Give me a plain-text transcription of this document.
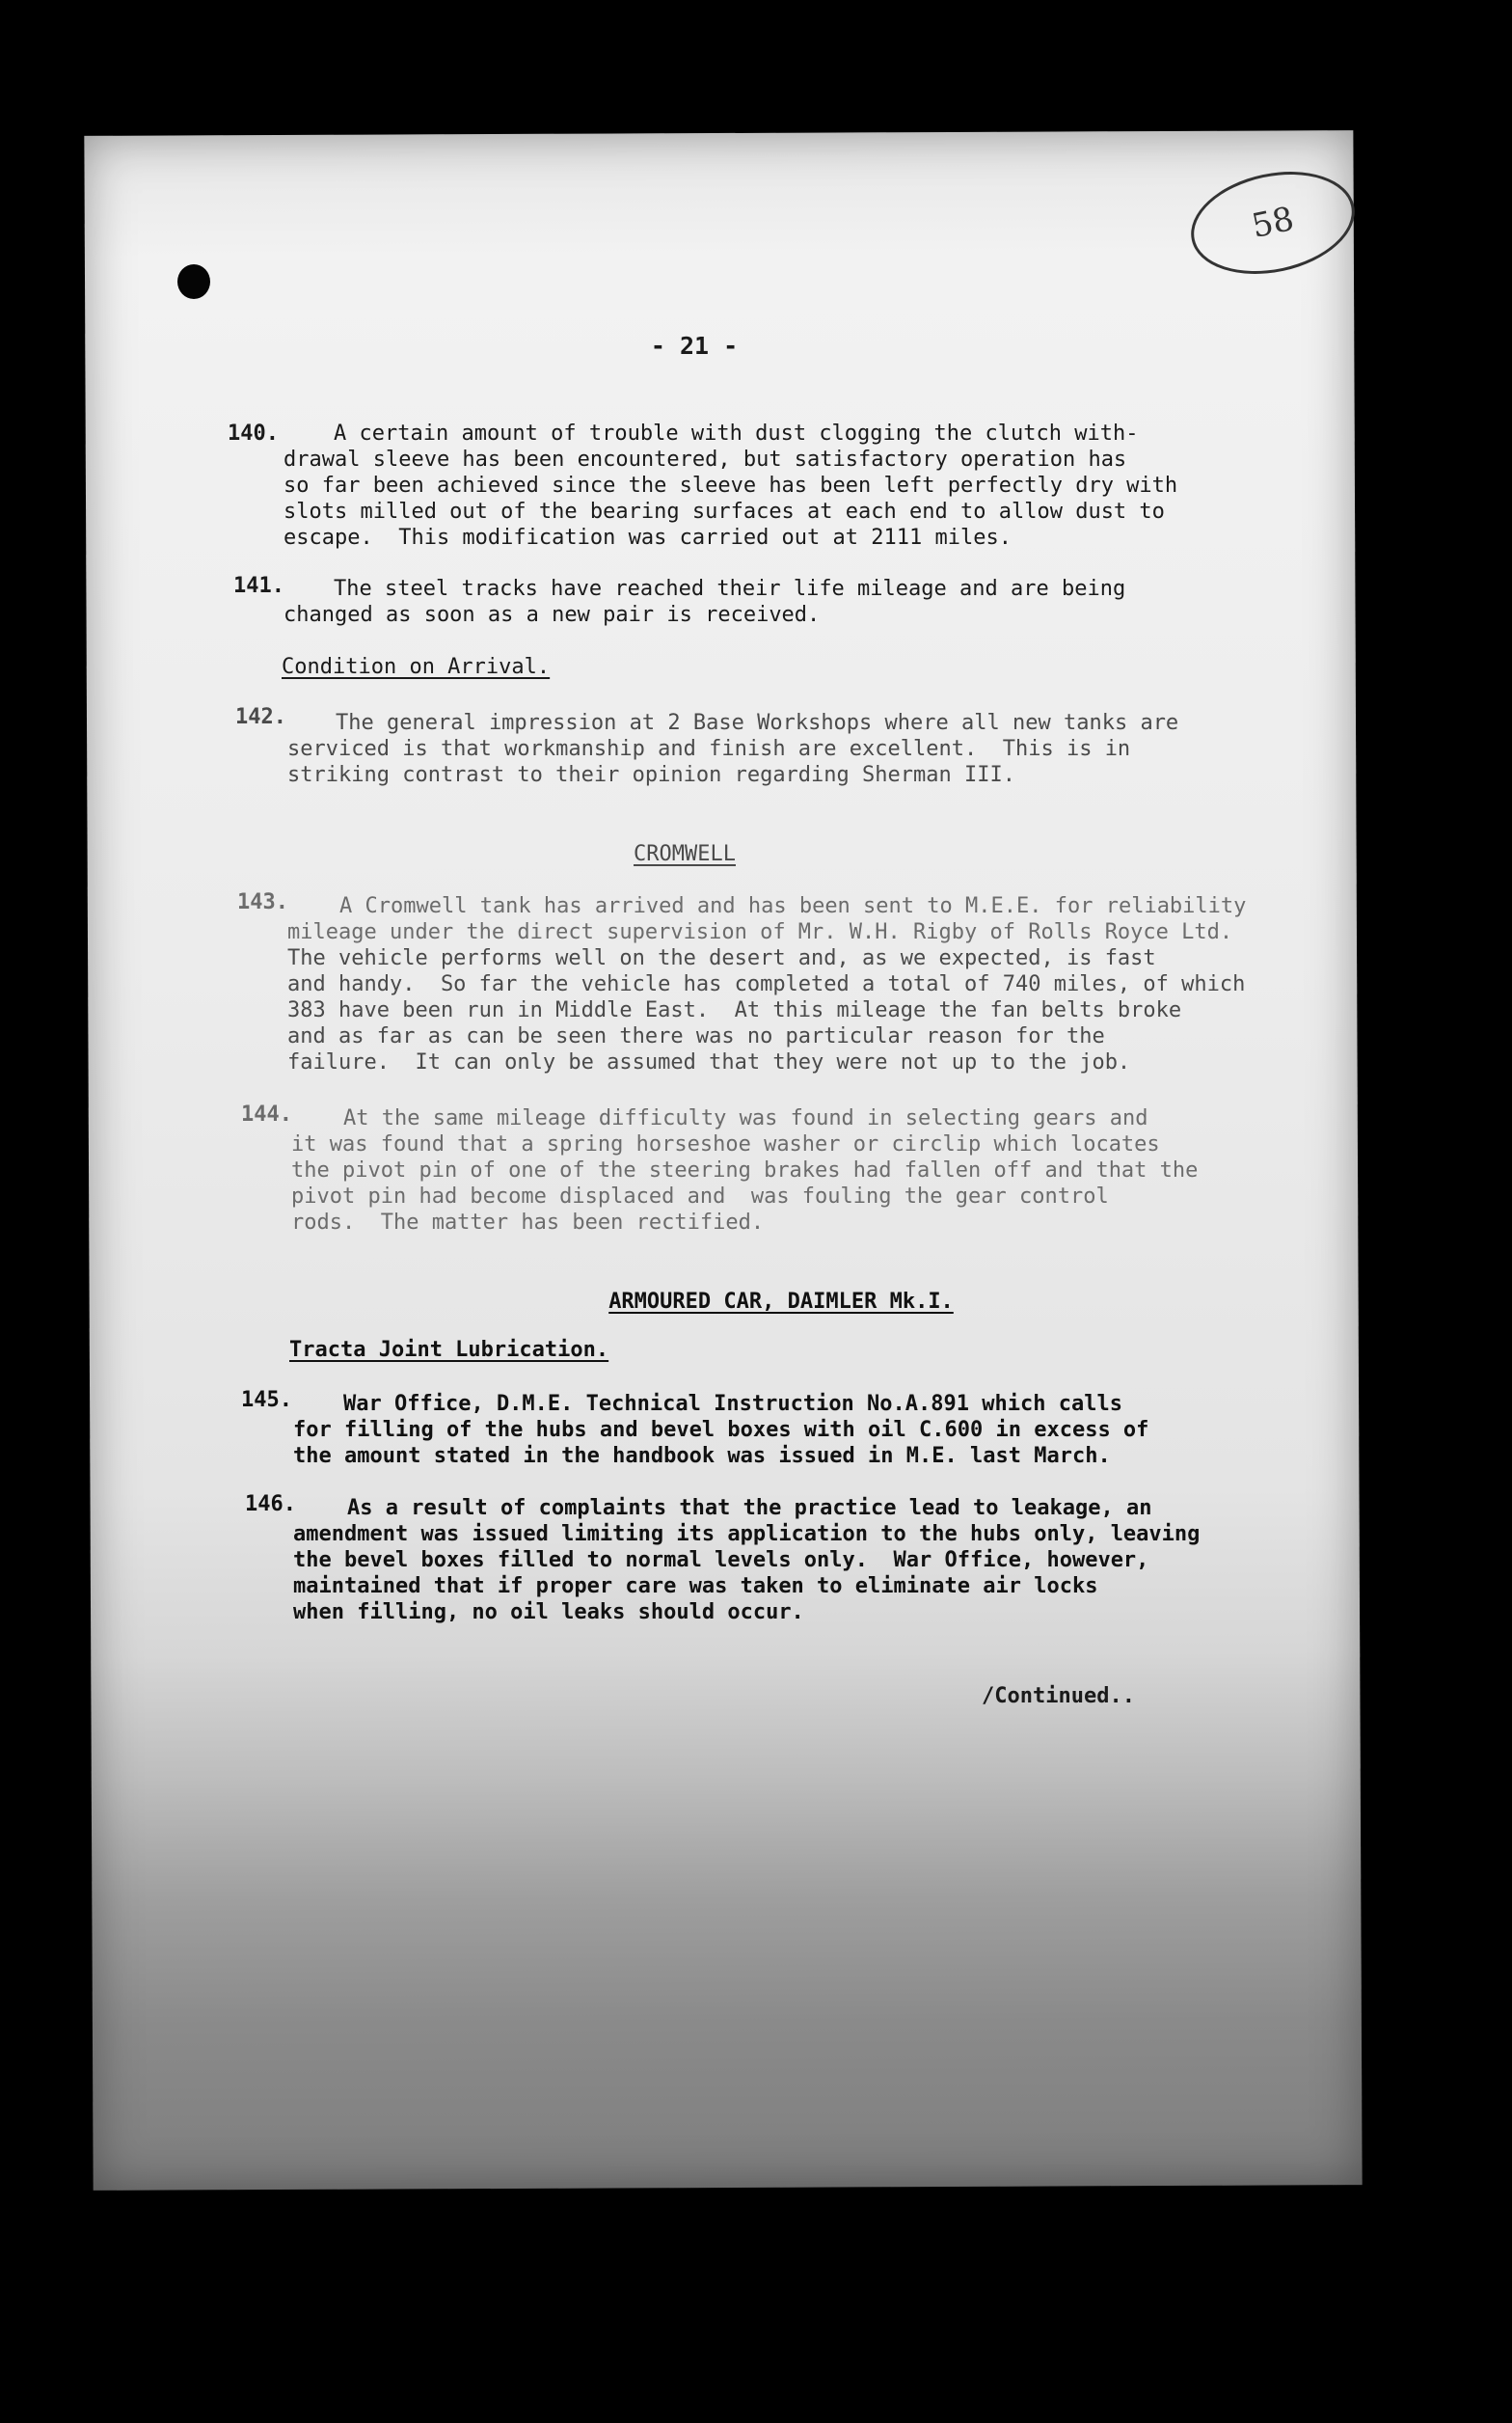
58
- 21 -
140.	A certain amount of trouble with dust clogging the clutch with-
drawal sleeve has been encountered, but satisfactory operation has
so far been achieved since the sleeve has been left perfectly dry with
slots milled out of the bearing surfaces at each end to allow dust to
escape.  This modification was carried out at 2111 miles.
141. The steel tracks have reached their life mileage and are being
changed as soon as a new pair is received.
Condition on Arrival.
142. The general impression at 2 Base Workshops where all new tanks are
serviced is that workmanship and finish are excellent.  This is in
striking contrast to their opinion regarding Sherman III.
CROMWELL
143. A Cromwell tank has arrived and has been sent to M.E.E. for reliability
mileage under the direct supervision of Mr. W.H. Rigby of Rolls Royce Ltd.
The vehicle performs well on the desert and, as we expected, is fast
and handy.  So far the vehicle has completed a total of 740 miles, of which
383 have been run in Middle East.  At this mileage the fan belts broke
and as far as can be seen there was no particular reason for the
failure.  It can only be assumed that they were not up to the job.
144. At the same mileage difficulty was found in selecting gears and
it was found that a spring horseshoe washer or circlip which locates
the pivot pin of one of the steering brakes had fallen off and that the
pivot pin had become displaced and  was fouling the gear control
rods.  The matter has been rectified.
ARMOURED CAR, DAIMLER Mk.I.
Tracta Joint Lubrication.
145. War Office, D.M.E. Technical Instruction No.A.891 which calls
for filling of the hubs and bevel boxes with oil C.600 in excess of
the amount stated in the handbook was issued in M.E. last March.
146. As a result of complaints that the practice lead to leakage, an
amendment was issued limiting its application to the hubs only, leaving
the bevel boxes filled to normal levels only.  War Office, however,
maintained that if proper care was taken to eliminate air locks
when filling, no oil leaks should occur.
/Continued..
